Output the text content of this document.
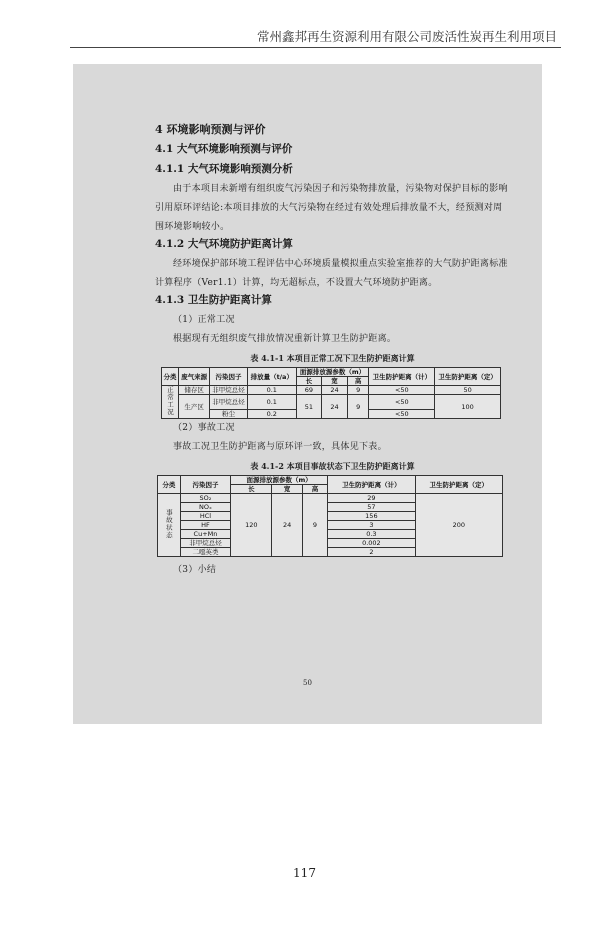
常州鑫邦再生资源利用有限公司废活性炭再生利用项目

4 环境影响预测与评价

4.1 大气环境影响预测与评价

4.1.1 大气环境影响预测分析

由于本项目未新增有组织废气污染因子和污染物排放量，污染物对保护目标的影响引用原环评结论:本项目排放的大气污染物在经过有效处理后排放量不大，经预测对周围环境影响较小。

4.1.2 大气环境防护距离计算

经环境保护部环境工程评估中心环境质量模拟重点实验室推荐的大气防护距离标准计算程序（Ver1.1）计算，均无超标点，不设置大气环境防护距离。

4.1.3 卫生防护距离计算

（1）正常工况

根据现有无组织废气排放情况重新计算卫生防护距离。

表 4.1-1 本项目正常工况下卫生防护距离计算
分类	废气来源	污染因子	排放量（t/a）	面源排放源参数（m）			卫生防护距离（计）	卫生防护距离（定）
				长	宽	高		
正常工况	储存区	非甲烷总烃	0.1	69	24	9	<50	50
	生产区	非甲烷总烃	0.1	51	24	9	<50	100
		粉尘	0.2				<50	

（2）事故工况

事故工况卫生防护距离与原环评一致，具体见下表。

表 4.1-2 本项目事故状态下卫生防护距离计算
分类	污染因子	面源排放源参数（m）			卫生防护距离（计）	卫生防护距离（定）
		长	宽	高		
事故状态	SO₂	120	24	9	29	200
	NOₓ				57	
	HCl				156	
	HF				3	
	Cu+Mn				0.3	
	非甲烷总烃				0.002	
	二噁英类				2	

（3）小结

50
117
